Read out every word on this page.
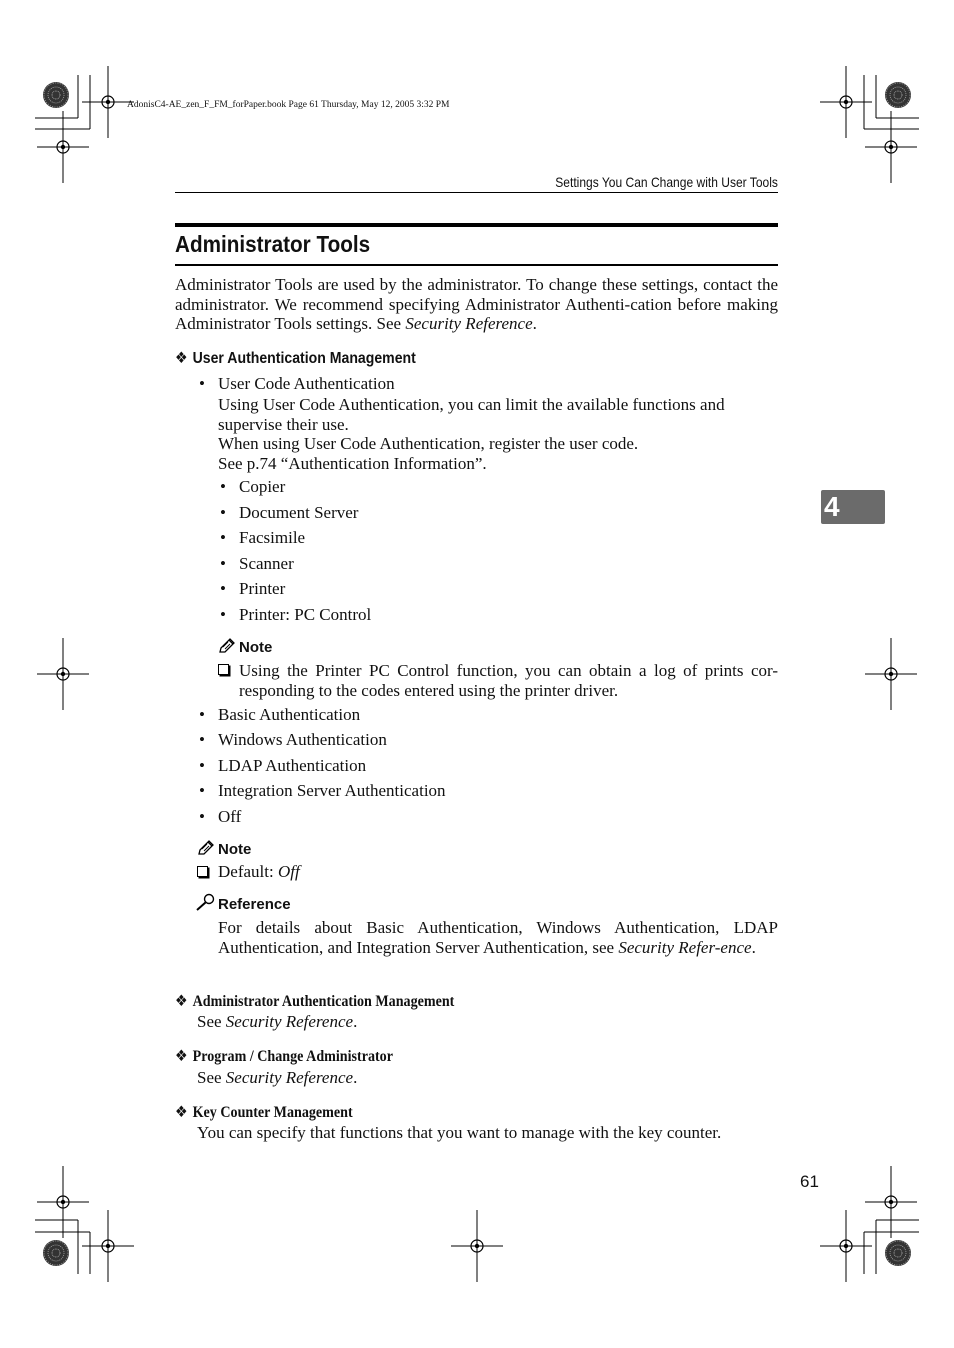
AdonisC4-AE_zen_F_FM_forPaper.book Page 61 Thursday, May 12, 2005 3:32 PM
Settings You Can Change with User Tools
4
Administrator Tools
Administrator Tools are used by the administrator. To change these settings, contact the administrator. We recommend specifying Administrator Authenti-cation before making Administrator Tools settings. See Security Reference.
❖ User Authentication Management
• User Code Authentication
Using User Code Authentication, you can limit the available functions and supervise their use.
When using User Code Authentication, register the user code.
See p.74 “Authentication Information”.
• Copier
• Document Server
• Facsimile
• Scanner
• Printer
• Printer: PC Control
Note
Using the Printer PC Control function, you can obtain a log of prints cor-responding to the codes entered using the printer driver.
• Basic Authentication
• Windows Authentication
• LDAP Authentication
• Integration Server Authentication
• Off
Note
Default: Off
Reference
For details about Basic Authentication, Windows Authentication, LDAP Authentication, and Integration Server Authentication, see Security Refer-ence.
❖ Administrator Authentication Management
See Security Reference.
❖ Program / Change Administrator
See Security Reference.
❖ Key Counter Management
You can specify that functions that you want to manage with the key counter.
61
